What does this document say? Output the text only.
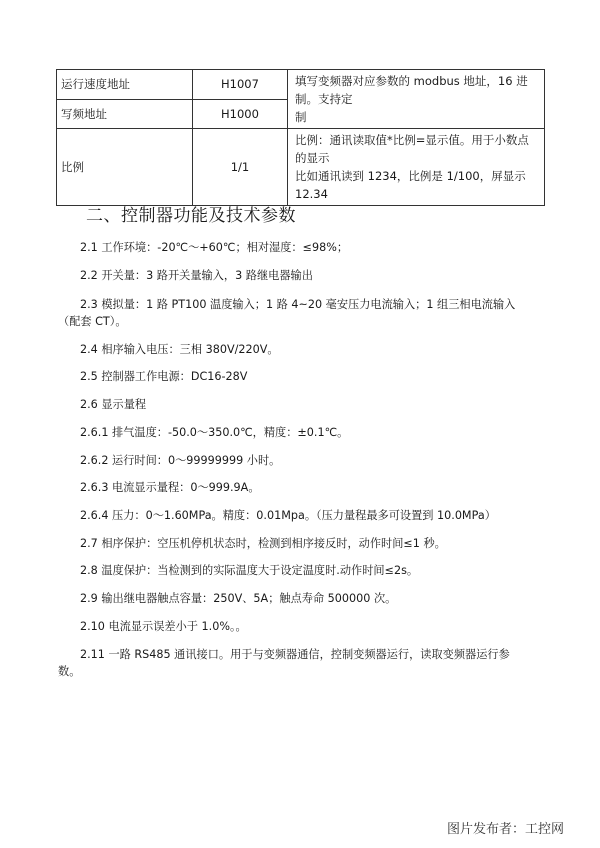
运行速度地址	H1007	填写变频器对应参数的 modbus 地址，16 进制。支持定
制
写频地址	H1000	
比例	1/1	比例：通讯读取值*比例=显示值。用于小数点的显示
比如通讯读到 1234，比例是 1/100，屏显示 12.34
二、控制器功能及技术参数
2.1 工作环境：-20℃～+60℃；相对湿度：≤98%；
2.2 开关量：3 路开关量输入，3 路继电器输出
2.3 模拟量：1 路 PT100 温度输入；1 路 4~20 毫安压力电流输入；1 组三相电流输入
（配套 CT）。
2.4 相序输入电压：三相 380V/220V。
2.5 控制器工作电源：DC16-28V
2.6 显示量程
2.6.1 排气温度：-50.0～350.0℃，精度：±0.1℃。
2.6.2 运行时间：0～99999999 小时。
2.6.3 电流显示量程：0～999.9A。
2.6.4 压力：0～1.60MPa。精度：0.01Mpa。（压力量程最多可设置到 10.0MPa）
2.7 相序保护：空压机停机状态时，检测到相序接反时，动作时间≤1 秒。
2.8 温度保护：当检测到的实际温度大于设定温度时.动作时间≤2s。
2.9 输出继电器触点容量：250V、5A；触点寿命 500000 次。
2.10 电流显示误差小于 1.0%。。
2.11 一路 RS485 通讯接口。用于与变频器通信，控制变频器运行，读取变频器运行参
数。
图片发布者：工控网
